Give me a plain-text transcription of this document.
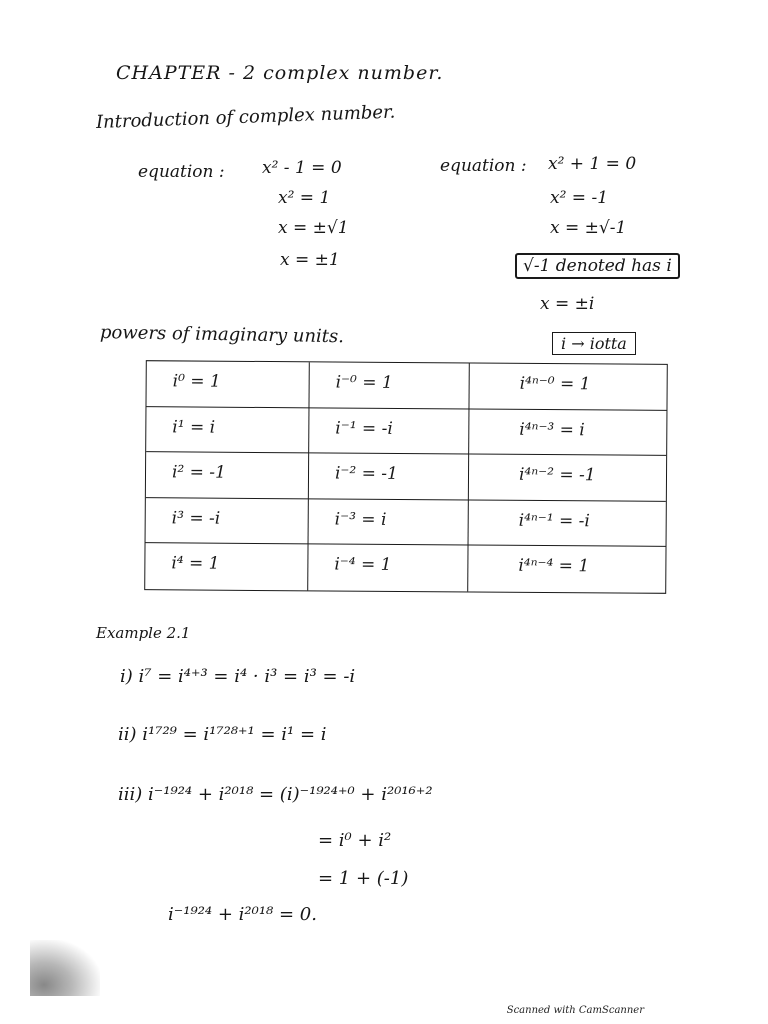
CHAPTER - 2 complex number.
Introduction of complex number.
equation : x² - 1 = 0
x² = 1
x = ±√1
x = ±1
equation : x² + 1 = 0
x² = -1
x = ±√-1
√-1 denoted has i
x = ±i
powers of imaginary units.	i → iotta
i⁰ = 1	i⁻⁰ = 1	i⁴ⁿ⁻⁰ = 1
i¹ = i	i⁻¹ = -i	i⁴ⁿ⁻³ = i
i² = -1	i⁻² = -1	i⁴ⁿ⁻² = -1
i³ = -i	i⁻³ = i	i⁴ⁿ⁻¹ = -i
i⁴ = 1	i⁻⁴ = 1	i⁴ⁿ⁻⁴ = 1
Example 2.1
i) i⁷ = i⁴⁺³ = i⁴ · i³ = i³ = -i
ii) i¹⁷²⁹ = i¹⁷²⁸⁺¹ = i¹ = i
iii) i⁻¹⁹²⁴ + i²⁰¹⁸ = (i)⁻¹⁹²⁴⁺⁰ + i²⁰¹⁶⁺²
= i⁰ + i²
= 1 + (-1)
i⁻¹⁹²⁴ + i²⁰¹⁸ = 0.
Scanned with CamScanner
